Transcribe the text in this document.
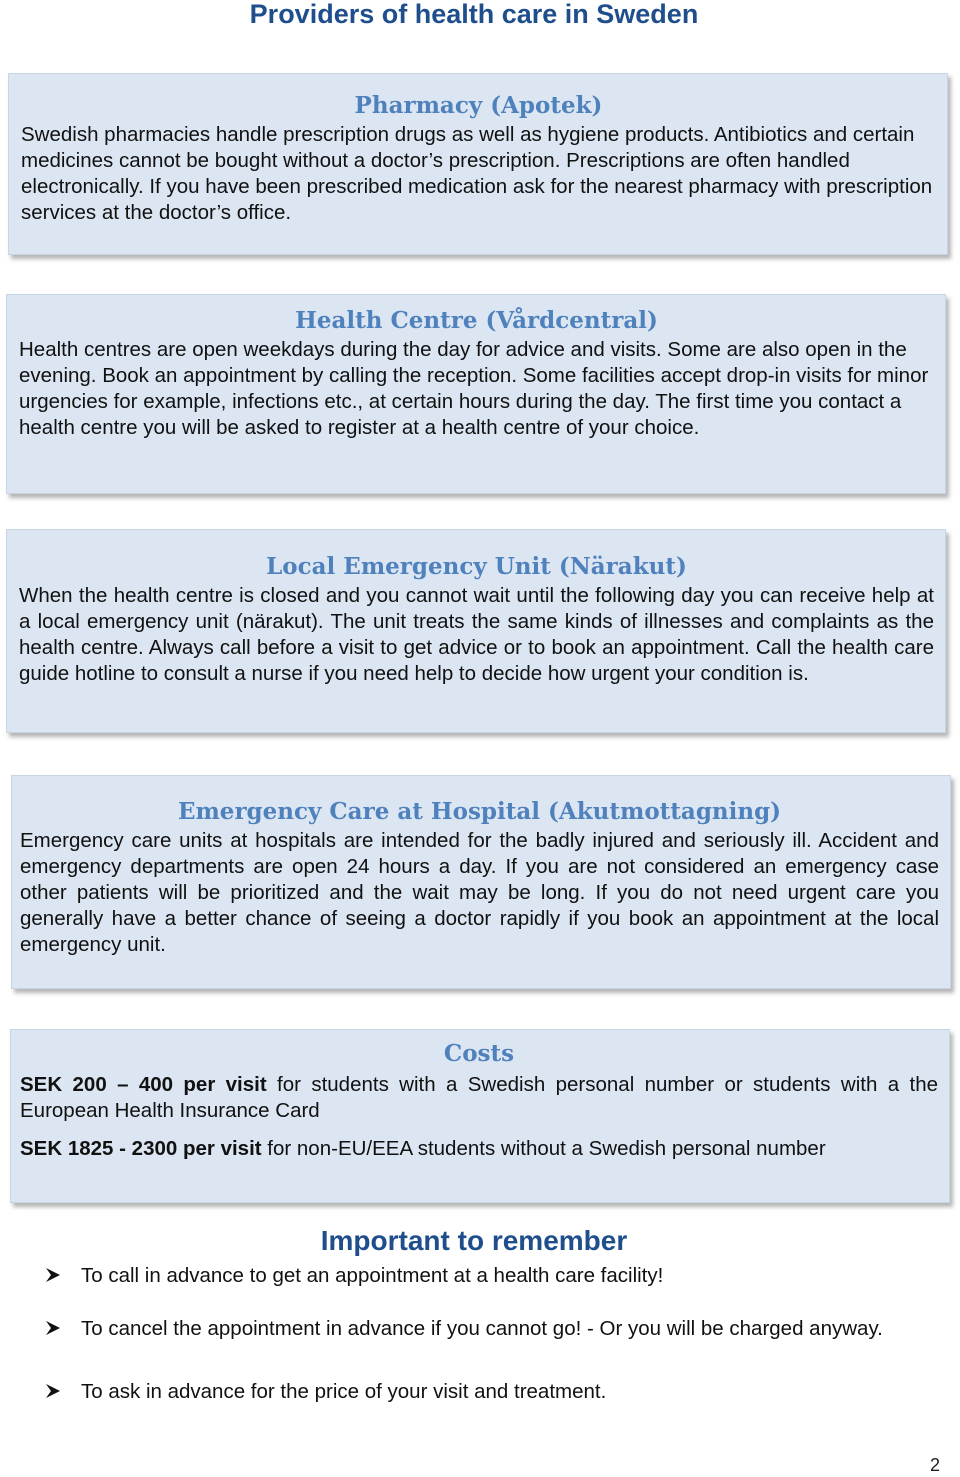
Providers of health care in Sweden
Pharmacy (Apotek)

Swedish pharmacies handle prescription drugs as well as hygiene products. Antibiotics and certain medicines cannot be bought without a doctor’s prescription. Prescriptions are often handled electronically. If you have been prescribed medication ask for the nearest pharmacy with prescription services at the doctor’s office.

Health Centre (Vårdcentral)

Health centres are open weekdays during the day for advice and visits. Some are also open in the evening. Book an appointment by calling the reception. Some facilities accept drop-in visits for minor urgencies for example, infections etc., at certain hours during the day. The first time you contact a health centre you will be asked to register at a health centre of your choice.

Local Emergency Unit (Närakut)

When the health centre is closed and you cannot wait until the following day you can receive help at a local emergency unit (närakut). The unit treats the same kinds of illnesses and complaints as the health centre. Always call before a visit to get advice or to book an appointment. Call the health care guide hotline to consult a nurse if you need help to decide how urgent your condition is.

Emergency Care at Hospital (Akutmottagning)

Emergency care units at hospitals are intended for the badly injured and seriously ill. Accident and emergency departments are open 24 hours a day. If you are not considered an emergency case other patients will be prioritized and the wait may be long. If you do not need urgent care you generally have a better chance of seeing a doctor rapidly if you book an appointment at the local emergency unit.

Costs

SEK 200 – 400 per visit for students with a Swedish personal number or students with a the European Health Insurance Card

SEK 1825 - 2300 per visit for non-EU/EEA students without a Swedish personal number

Important to remember
To call in advance to get an appointment at a health care facility!
To cancel the appointment in advance if you cannot go! - Or you will be charged anyway.
To ask in advance for the price of your visit and treatment.
2
